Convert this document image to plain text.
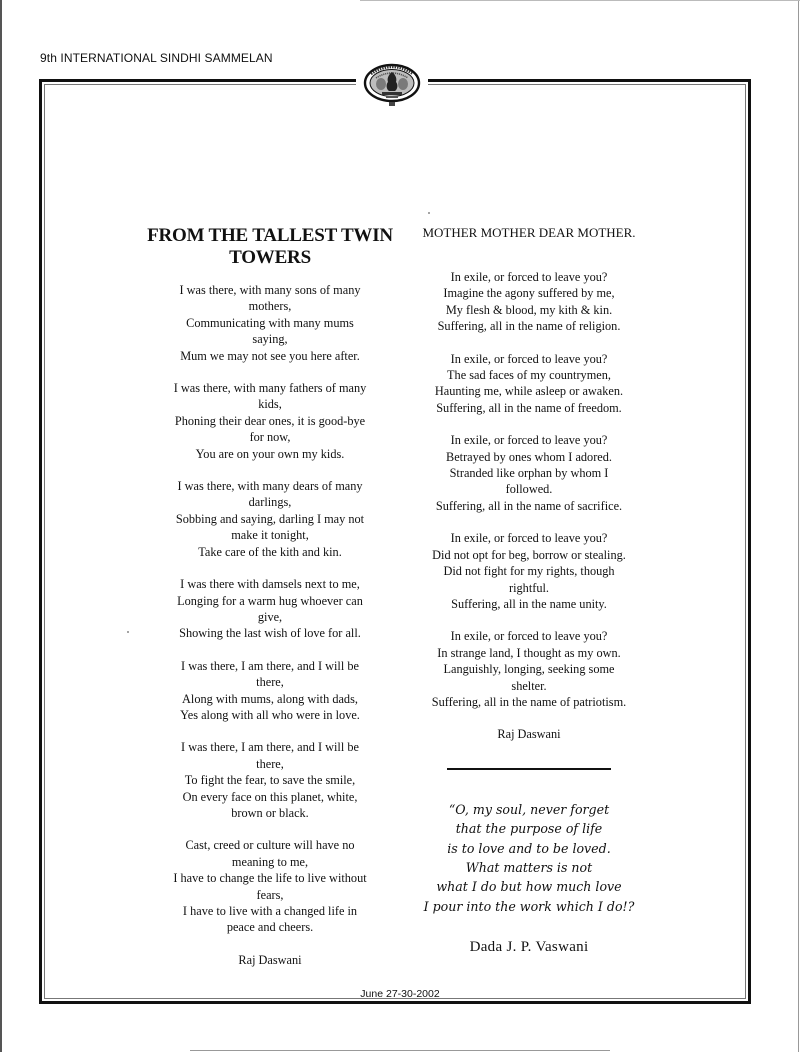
9th INTERNATIONAL SINDHI SAMMELAN
FROM THE TALLEST TWIN
TOWERS
I was there, with many sons of many
mothers,
Communicating with many mums
saying,
Mum we may not see you here after.
I was there, with many fathers of many
kids,
Phoning their dear ones, it is good-bye
for now,
You are on your own my kids.
I was there, with many dears of many
darlings,
Sobbing and saying, darling I may not
make it tonight,
Take care of the kith and kin.
I was there with damsels next to me,
Longing for a warm hug whoever can
give,
Showing the last wish of love for all.
I was there, I am there, and I will be
there,
Along with mums, along with dads,
Yes along with all who were in love.
I was there, I am there, and I will be
there,
To fight the fear, to save the smile,
On every face on this planet, white,
brown or black.
Cast, creed or culture will have no
meaning to me,
I have to change the life to live without
fears,
I have to live with a changed life in
peace and cheers.
Raj Daswani
MOTHER MOTHER DEAR MOTHER.
In exile, or forced to leave you?
Imagine the agony suffered by me,
My flesh & blood, my kith & kin.
Suffering, all in the name of religion.
In exile, or forced to leave you?
The sad faces of my countrymen,
Haunting me, while asleep or awaken.
Suffering, all in the name of freedom.
In exile, or forced to leave you?
Betrayed by ones whom I adored.
Stranded like orphan by whom I
followed.
Suffering, all in the name of sacrifice.
In exile, or forced to leave you?
Did not opt for beg, borrow or stealing.
Did not fight for my rights, though
rightful.
Suffering, all in the name unity.
In exile, or forced to leave you?
In strange land, I thought as my own.
Languishly, longing, seeking some
shelter.
Suffering, all in the name of patriotism.
Raj Daswani
“O, my soul, never forget
that the purpose of life
is to love and to be loved.
What matters is not
what I do but how much love
I pour into the work which I do!?
Dada J. P. Vaswani
June 27-30-2002
